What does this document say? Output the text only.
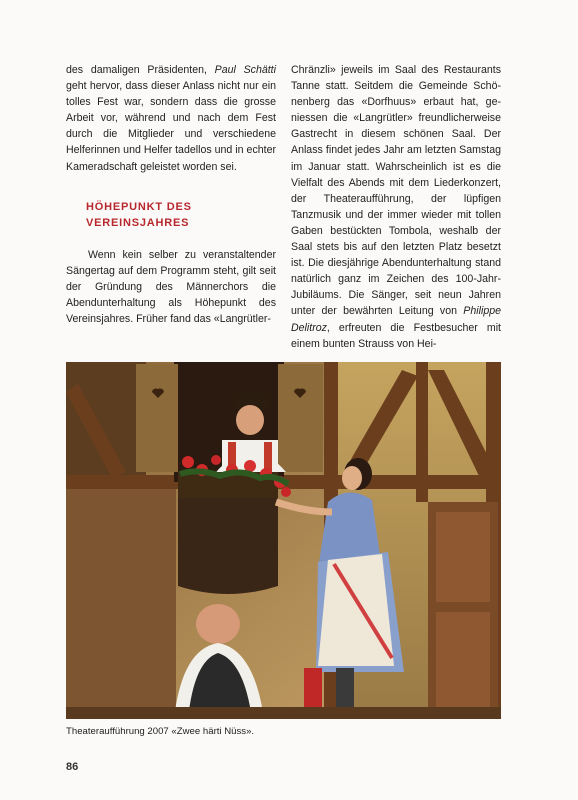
des damaligen Präsidenten, Paul Schätti geht hervor, dass dieser Anlass nicht nur ein tolles Fest war, sondern dass die grosse Arbeit vor, während und nach dem Fest durch die Mitglieder und verschiedene Helferinnen und Helfer tadellos und in echter Kameradschaft geleistet worden sei.

HÖHEPUNKT DES
VEREINSJAHRES

Wenn kein selber zu veranstaltender Sängertag auf dem Programm steht, gilt seit der Gründung des Männerchors die Abendunterhaltung als Höhepunkt des Vereinsjahres. Früher fand das «Langrütler-

Chränzli» jeweils im Saal des Restaurants Tanne statt. Seitdem die Gemeinde Schönenberg das «Dorfhuus» erbaut hat, geniessen die «Langrütler» freundlicherweise Gastrecht in diesem schönen Saal. Der Anlass findet jedes Jahr am letzten Samstag im Januar statt. Wahrscheinlich ist es die Vielfalt des Abends mit dem Liederkonzert, der Theateraufführung, der lüpfigen Tanzmusik und der immer wieder mit tollen Gaben bestückten Tombola, weshalb der Saal stets bis auf den letzten Platz besetzt ist. Die diesjährige Abendunterhaltung stand natürlich ganz im Zeichen des 100-Jahr-Jubiläums. Die Sänger, seit neun Jahren unter der bewährten Leitung von Philippe Delitroz, erfreuten die Festbesucher mit einem bunten Strauss von Hei-

Theateraufführung 2007 «Zwee härti Nüss».
86
